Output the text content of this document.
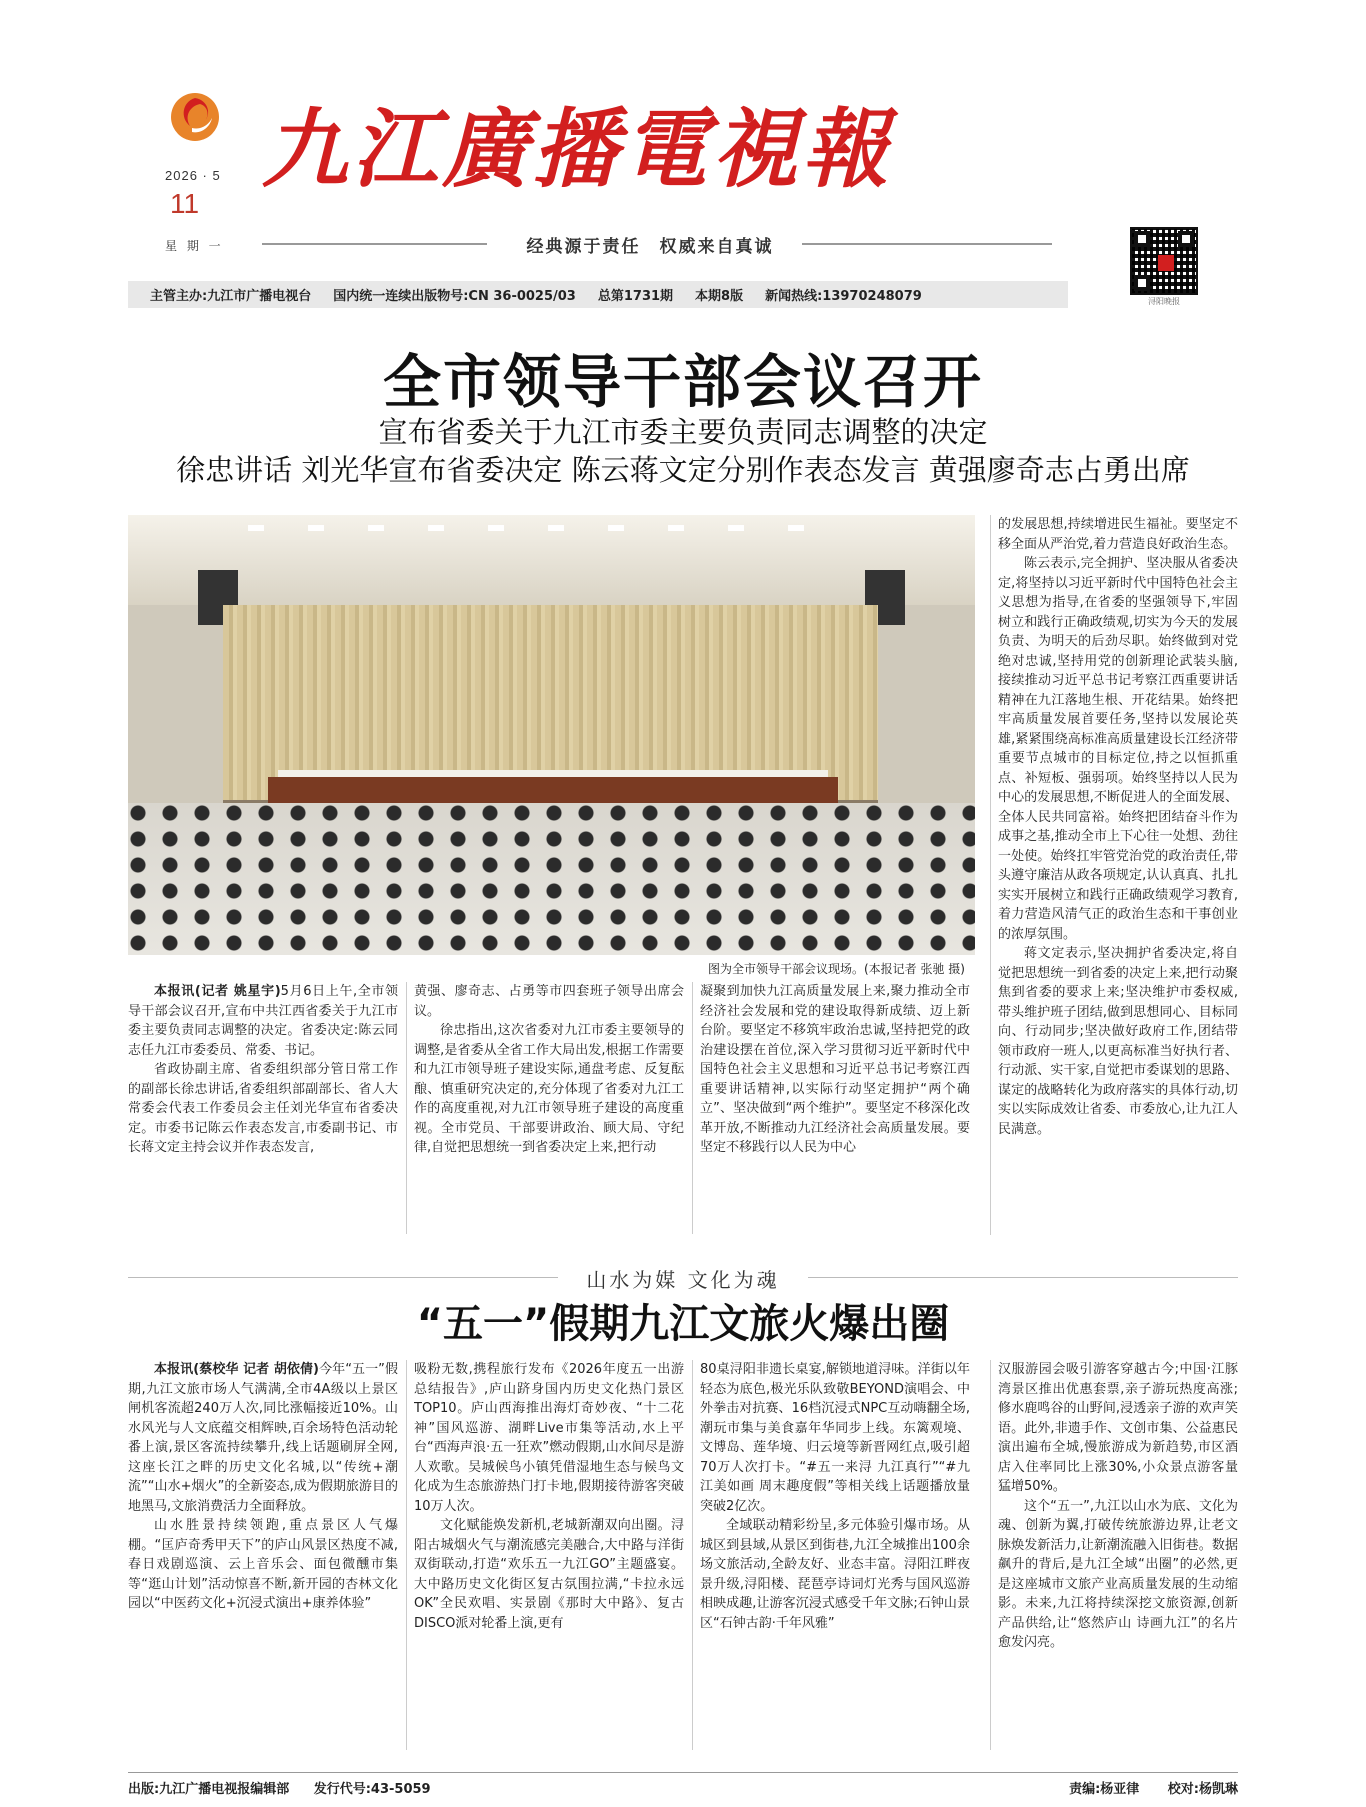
2026 · 5
11
星 期 一
九江廣播電視報
经典源于责任　权威来自真诚
浔阳晚报
主管主办:九江市广播电视台 国内统一连续出版物号:CN 36-0025/03 总第1731期 本期8版 新闻热线:13970248079
全市领导干部会议召开
宣布省委关于九江市委主要负责同志调整的决定
徐忠讲话 刘光华宣布省委决定 陈云蒋文定分别作表态发言 黄强廖奇志占勇出席
图为全市领导干部会议现场。(本报记者 张驰 摄)

本报讯(记者 姚星宇)5月6日上午,全市领导干部会议召开,宣布中共江西省委关于九江市委主要负责同志调整的决定。省委决定:陈云同志任九江市委委员、常委、书记。

省政协副主席、省委组织部分管日常工作的副部长徐忠讲话,省委组织部副部长、省人大常委会代表工作委员会主任刘光华宣布省委决定。市委书记陈云作表态发言,市委副书记、市长蒋文定主持会议并作表态发言,

黄强、廖奇志、占勇等市四套班子领导出席会议。

徐忠指出,这次省委对九江市委主要领导的调整,是省委从全省工作大局出发,根据工作需要和九江市领导班子建设实际,通盘考虑、反复酝酿、慎重研究决定的,充分体现了省委对九江工作的高度重视,对九江市领导班子建设的高度重视。全市党员、干部要讲政治、顾大局、守纪律,自觉把思想统一到省委决定上来,把行动

凝聚到加快九江高质量发展上来,聚力推动全市经济社会发展和党的建设取得新成绩、迈上新台阶。要坚定不移筑牢政治忠诚,坚持把党的政治建设摆在首位,深入学习贯彻习近平新时代中国特色社会主义思想和习近平总书记考察江西重要讲话精神,以实际行动坚定拥护“两个确立”、坚决做到“两个维护”。要坚定不移深化改革开放,不断推动九江经济社会高质量发展。要坚定不移践行以人民为中心

的发展思想,持续增进民生福祉。要坚定不移全面从严治党,着力营造良好政治生态。

陈云表示,完全拥护、坚决服从省委决定,将坚持以习近平新时代中国特色社会主义思想为指导,在省委的坚强领导下,牢固树立和践行正确政绩观,切实为今天的发展负责、为明天的后劲尽职。始终做到对党绝对忠诚,坚持用党的创新理论武装头脑,接续推动习近平总书记考察江西重要讲话精神在九江落地生根、开花结果。始终把牢高质量发展首要任务,坚持以发展论英雄,紧紧围绕高标准高质量建设长江经济带重要节点城市的目标定位,持之以恒抓重点、补短板、强弱项。始终坚持以人民为中心的发展思想,不断促进人的全面发展、全体人民共同富裕。始终把团结奋斗作为成事之基,推动全市上下心往一处想、劲往一处使。始终扛牢管党治党的政治责任,带头遵守廉洁从政各项规定,认认真真、扎扎实实开展树立和践行正确政绩观学习教育,着力营造风清气正的政治生态和干事创业的浓厚氛围。

蒋文定表示,坚决拥护省委决定,将自觉把思想统一到省委的决定上来,把行动聚焦到省委的要求上来;坚决维护市委权威,带头维护班子团结,做到思想同心、目标同向、行动同步;坚决做好政府工作,团结带领市政府一班人,以更高标准当好执行者、行动派、实干家,自觉把市委谋划的思路、谋定的战略转化为政府落实的具体行动,切实以实际成效让省委、市委放心,让九江人民满意。

山水为媒 文化为魂
“五一”假期九江文旅火爆出圈

本报讯(蔡校华 记者 胡依倩)今年“五一”假期,九江文旅市场人气满满,全市4A级以上景区闸机客流超240万人次,同比涨幅接近10%。山水风光与人文底蕴交相辉映,百余场特色活动轮番上演,景区客流持续攀升,线上话题刷屏全网,这座长江之畔的历史文化名城,以“传统+潮流”“山水+烟火”的全新姿态,成为假期旅游目的地黑马,文旅消费活力全面释放。

山水胜景持续领跑,重点景区人气爆棚。“匡庐奇秀甲天下”的庐山风景区热度不减,春日戏剧巡演、云上音乐会、面包微醺市集等“逛山计划”活动惊喜不断,新开园的杏林文化园以“中医药文化+沉浸式演出+康养体验”

吸粉无数,携程旅行发布《2026年度五一出游总结报告》,庐山跻身国内历史文化热门景区TOP10。庐山西海推出海灯奇妙夜、“十二花神”国风巡游、湖畔Live市集等活动,水上平台“西海声浪·五一狂欢”燃动假期,山水间尽是游人欢歌。吴城候鸟小镇凭借湿地生态与候鸟文化成为生态旅游热门打卡地,假期接待游客突破10万人次。

文化赋能焕发新机,老城新潮双向出圈。浔阳古城烟火气与潮流感完美融合,大中路与洋街双街联动,打造“欢乐五一九江GO”主题盛宴。大中路历史文化街区复古氛围拉满,“卡拉永远OK”全民欢唱、实景剧《那时大中路》、复古DISCO派对轮番上演,更有

80桌浔阳非遗长桌宴,解锁地道浔味。洋街以年轻态为底色,极光乐队致敬BEYOND演唱会、中外拳击对抗赛、16档沉浸式NPC互动嗨翻全场,潮玩市集与美食嘉年华同步上线。东篱观境、文博岛、莲华境、归云境等新晋网红点,吸引超70万人次打卡。“#五一来浔 九江真行”“#九江美如画 周末趣度假”等相关线上话题播放量突破2亿次。

全域联动精彩纷呈,多元体验引爆市场。从城区到县域,从景区到街巷,九江全城推出100余场文旅活动,全龄友好、业态丰富。浔阳江畔夜景升级,浔阳楼、琵琶亭诗词灯光秀与国风巡游相映成趣,让游客沉浸式感受千年文脉;石钟山景区“石钟古韵·千年风雅”

汉服游园会吸引游客穿越古今;中国·江豚湾景区推出优惠套票,亲子游玩热度高涨;修水鹿鸣谷的山野间,浸透亲子游的欢声笑语。此外,非遗手作、文创市集、公益惠民演出遍布全城,慢旅游成为新趋势,市区酒店入住率同比上涨30%,小众景点游客量猛增50%。

这个“五一”,九江以山水为底、文化为魂、创新为翼,打破传统旅游边界,让老文脉焕发新活力,让新潮流融入旧街巷。数据飙升的背后,是九江全域“出圈”的必然,更是这座城市文旅产业高质量发展的生动缩影。未来,九江将持续深挖文旅资源,创新产品供给,让“悠然庐山 诗画九江”的名片愈发闪亮。

出版:九江广播电视报编辑部 发行代号:43-5059	责编:杨亚律 校对:杨凯琳
